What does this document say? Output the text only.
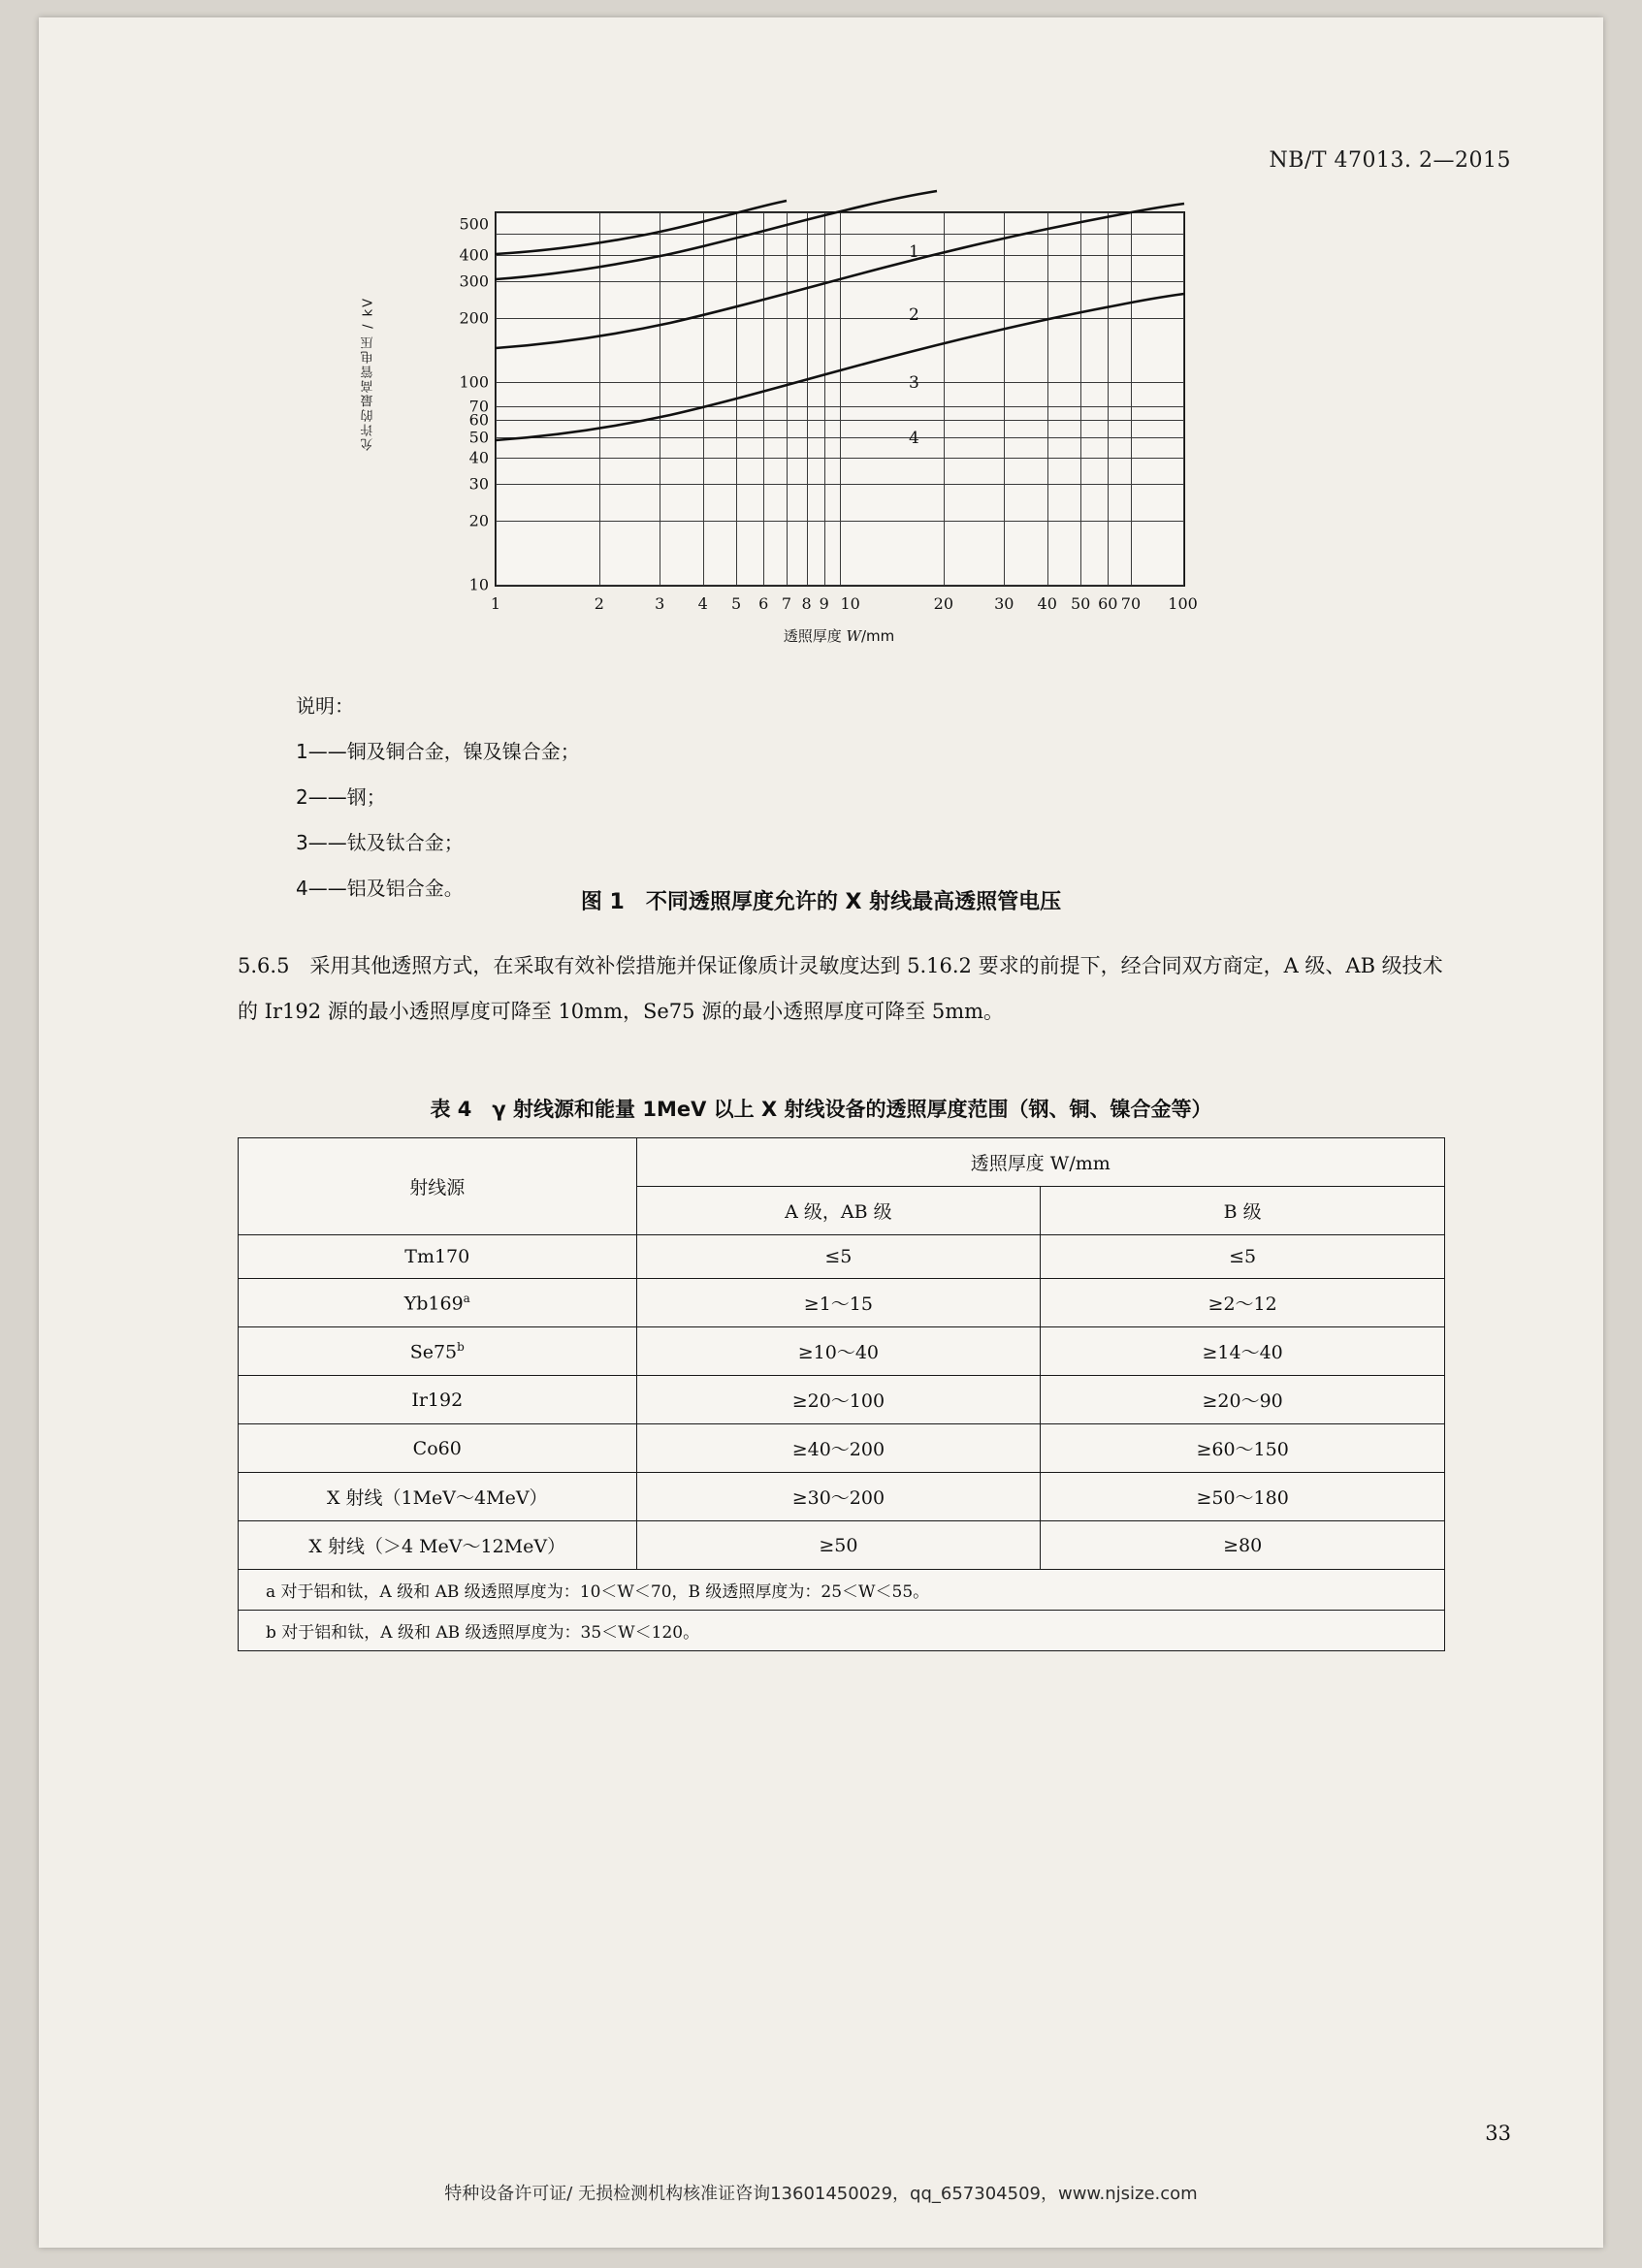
NB/T 47013. 2—2015
允许的最高管电压 / kV
10
20
30
40
50
60
70
100
200
300
400
500
1	2	3 4 5 6 7 8 9 10	20	30 40 50 60 70 100
1
2
3
4
透照厚度 W/mm
说明：
1——铜及铜合金，镍及镍合金；
2——钢；
3——钛及钛合金；
4——铝及铝合金。
图 1　不同透照厚度允许的 X 射线最高透照管电压
5.6.5　采用其他透照方式，在采取有效补偿措施并保证像质计灵敏度达到 5.16.2 要求的前提下，经合同双方商定，A 级、AB 级技术的 Ir192 源的最小透照厚度可降至 10mm，Se75 源的最小透照厚度可降至 5mm。
表 4　γ 射线源和能量 1MeV 以上 X 射线设备的透照厚度范围（钢、铜、镍合金等）
射线源	透照厚度 W/mm	
	A 级，AB 级	B 级
Tm170	≤5	≤5
$Yb169^a$	≥1～15	≥2～12
$Se75^b$	≥10～40	≥14～40
Ir192	≥20～100	≥20～90
Co60	≥40～200	≥60～150
X 射线（1MeV～4MeV）	≥30～200	≥50～180
X 射线（＞4 MeV～12MeV）	≥50	≥80
a 对于铝和钛，A 级和 AB 级透照厚度为：10＜W＜70，B 级透照厚度为：25＜W＜55。		
b 对于铝和钛，A 级和 AB 级透照厚度为：35＜W＜120。		
33
特种设备许可证/ 无损检测机构核准证咨询13601450029，qq_657304509，www.njsize.com
